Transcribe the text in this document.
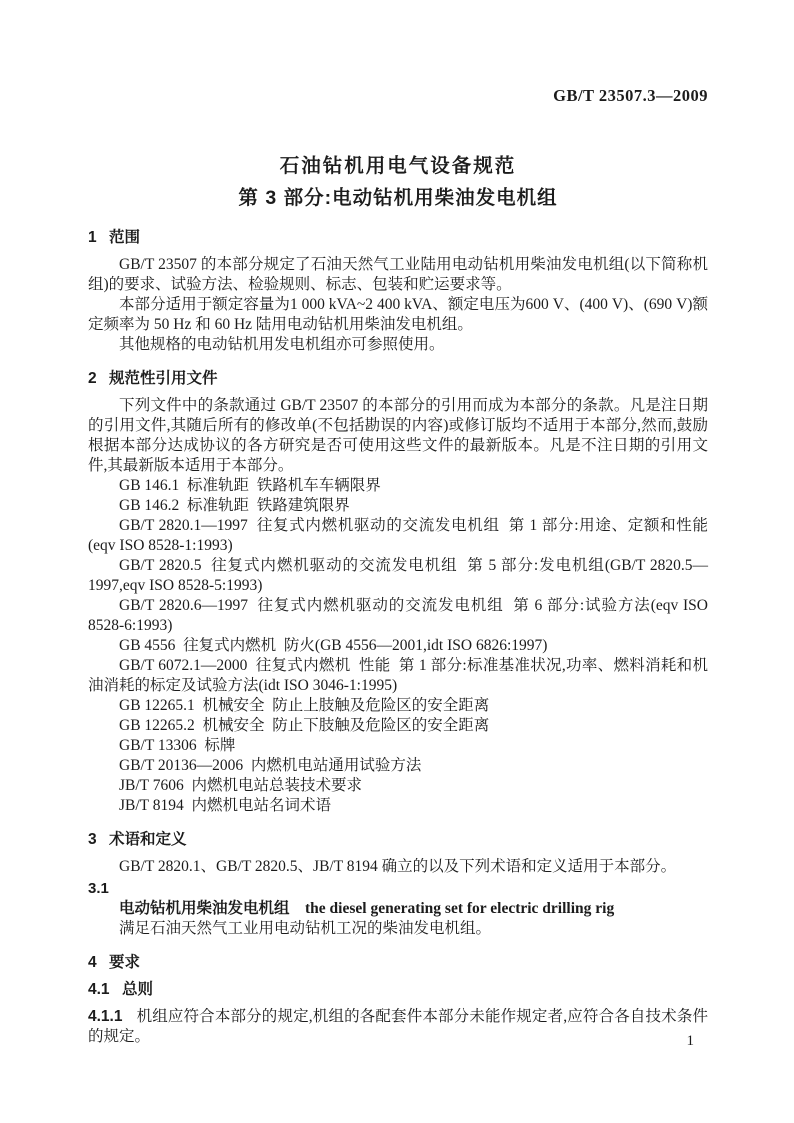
GB/T 23507.3—2009
石油钻机用电气设备规范
第 3 部分:电动钻机用柴油发电机组
1 范围

GB/T 23507 的本部分规定了石油天然气工业陆用电动钻机用柴油发电机组(以下简称机组)的要求、试验方法、检验规则、标志、包装和贮运要求等。

本部分适用于额定容量为1 000 kVA~2 400 kVA、额定电压为600 V、(400 V)、(690 V)额定频率为 50 Hz 和 60 Hz 陆用电动钻机用柴油发电机组。

其他规格的电动钻机用发电机组亦可参照使用。

2 规范性引用文件

下列文件中的条款通过 GB/T 23507 的本部分的引用而成为本部分的条款。凡是注日期的引用文件,其随后所有的修改单(不包括勘误的内容)或修订版均不适用于本部分,然而,鼓励根据本部分达成协议的各方研究是否可使用这些文件的最新版本。凡是不注日期的引用文件,其最新版本适用于本部分。

GB 146.1  标准轨距  铁路机车车辆限界

GB 146.2  标准轨距  铁路建筑限界

GB/T 2820.1—1997  往复式内燃机驱动的交流发电机组  第 1 部分:用途、定额和性能(eqv ISO 8528-1:1993)

GB/T 2820.5  往复式内燃机驱动的交流发电机组  第 5 部分:发电机组(GB/T 2820.5—1997,eqv ISO 8528-5:1993)

GB/T 2820.6—1997  往复式内燃机驱动的交流发电机组  第 6 部分:试验方法(eqv ISO 8528-6:1993)

GB 4556  往复式内燃机  防火(GB 4556—2001,idt ISO 6826:1997)

GB/T 6072.1—2000  往复式内燃机  性能  第 1 部分:标准基准状况,功率、燃料消耗和机油消耗的标定及试验方法(idt ISO 3046-1:1995)

GB 12265.1  机械安全  防止上肢触及危险区的安全距离

GB 12265.2  机械安全  防止下肢触及危险区的安全距离

GB/T 13306  标牌

GB/T 20136—2006  内燃机电站通用试验方法

JB/T 7606  内燃机电站总装技术要求

JB/T 8194  内燃机电站名词术语

3 术语和定义

GB/T 2820.1、GB/T 2820.5、JB/T 8194 确立的以及下列术语和定义适用于本部分。

3.1
电动钻机用柴油发电机组 the diesel generating set for electric drilling rig

满足石油天然气工业用电动钻机工况的柴油发电机组。

4 要求
4.1 总则
4.1.1 机组应符合本部分的规定,机组的各配套件本部分未能作规定者,应符合各自技术条件的规定。	1
